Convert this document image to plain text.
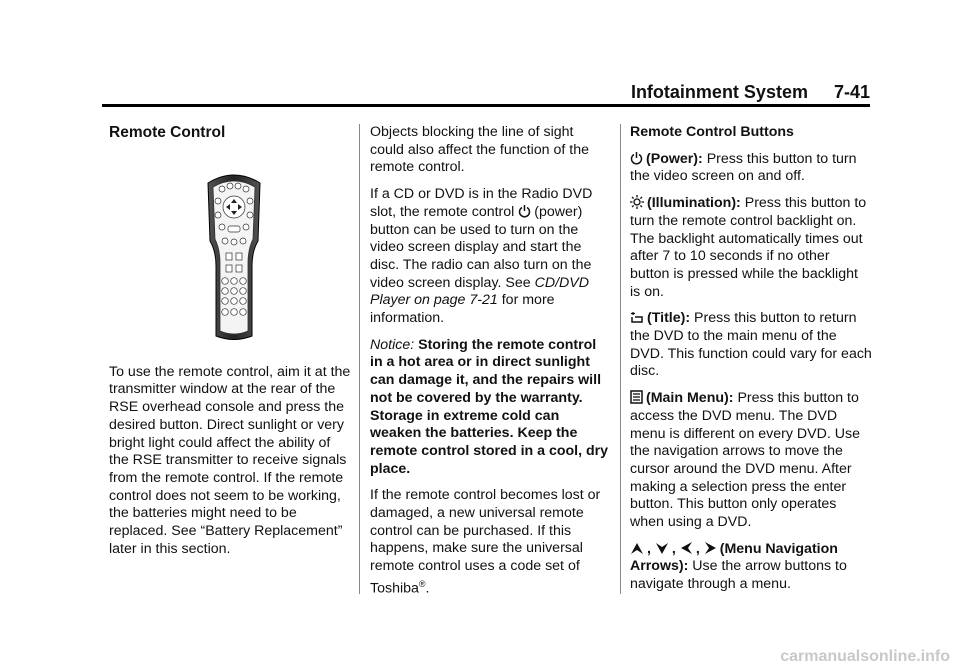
Infotainment System 7-41

Remote Control

To use the remote control, aim it at the transmitter window at the rear of the RSE overhead console and press the desired button. Direct sunlight or very bright light could affect the ability of the RSE transmitter to receive signals from the remote control. If the remote control does not seem to be working, the batteries might need to be replaced. See “Battery Replacement” later in this section.

Objects blocking the line of sight could also affect the function of the remote control.

If a CD or DVD is in the Radio DVD slot, the remote control (power) button can be used to turn on the video screen display and start the disc. The radio can also turn on the video screen display. See CD/DVD Player on page 7-21 for more information.

Notice: Storing the remote control in a hot area or in direct sunlight can damage it, and the repairs will not be covered by the warranty. Storage in extreme cold can weaken the batteries. Keep the remote control stored in a cool, dry place.

If the remote control becomes lost or damaged, a new universal remote control can be purchased. If this happens, make sure the universal remote control uses a code set of Toshiba®.

Remote Control Buttons

(Power): Press this button to turn the video screen on and off.

(Illumination): Press this button to turn the remote control backlight on. The backlight automatically times out after 7 to 10 seconds if no other button is pressed while the backlight is on.

(Title): Press this button to return the DVD to the main menu of the DVD. This function could vary for each disc.

(Main Menu): Press this button to access the DVD menu. The DVD menu is different on every DVD. Use the navigation arrows to move the cursor around the DVD menu. After making a selection press the enter button. This button only operates when using a DVD.

, , , (Menu Navigation Arrows): Use the arrow buttons to navigate through a menu.

carmanualsonline.info
